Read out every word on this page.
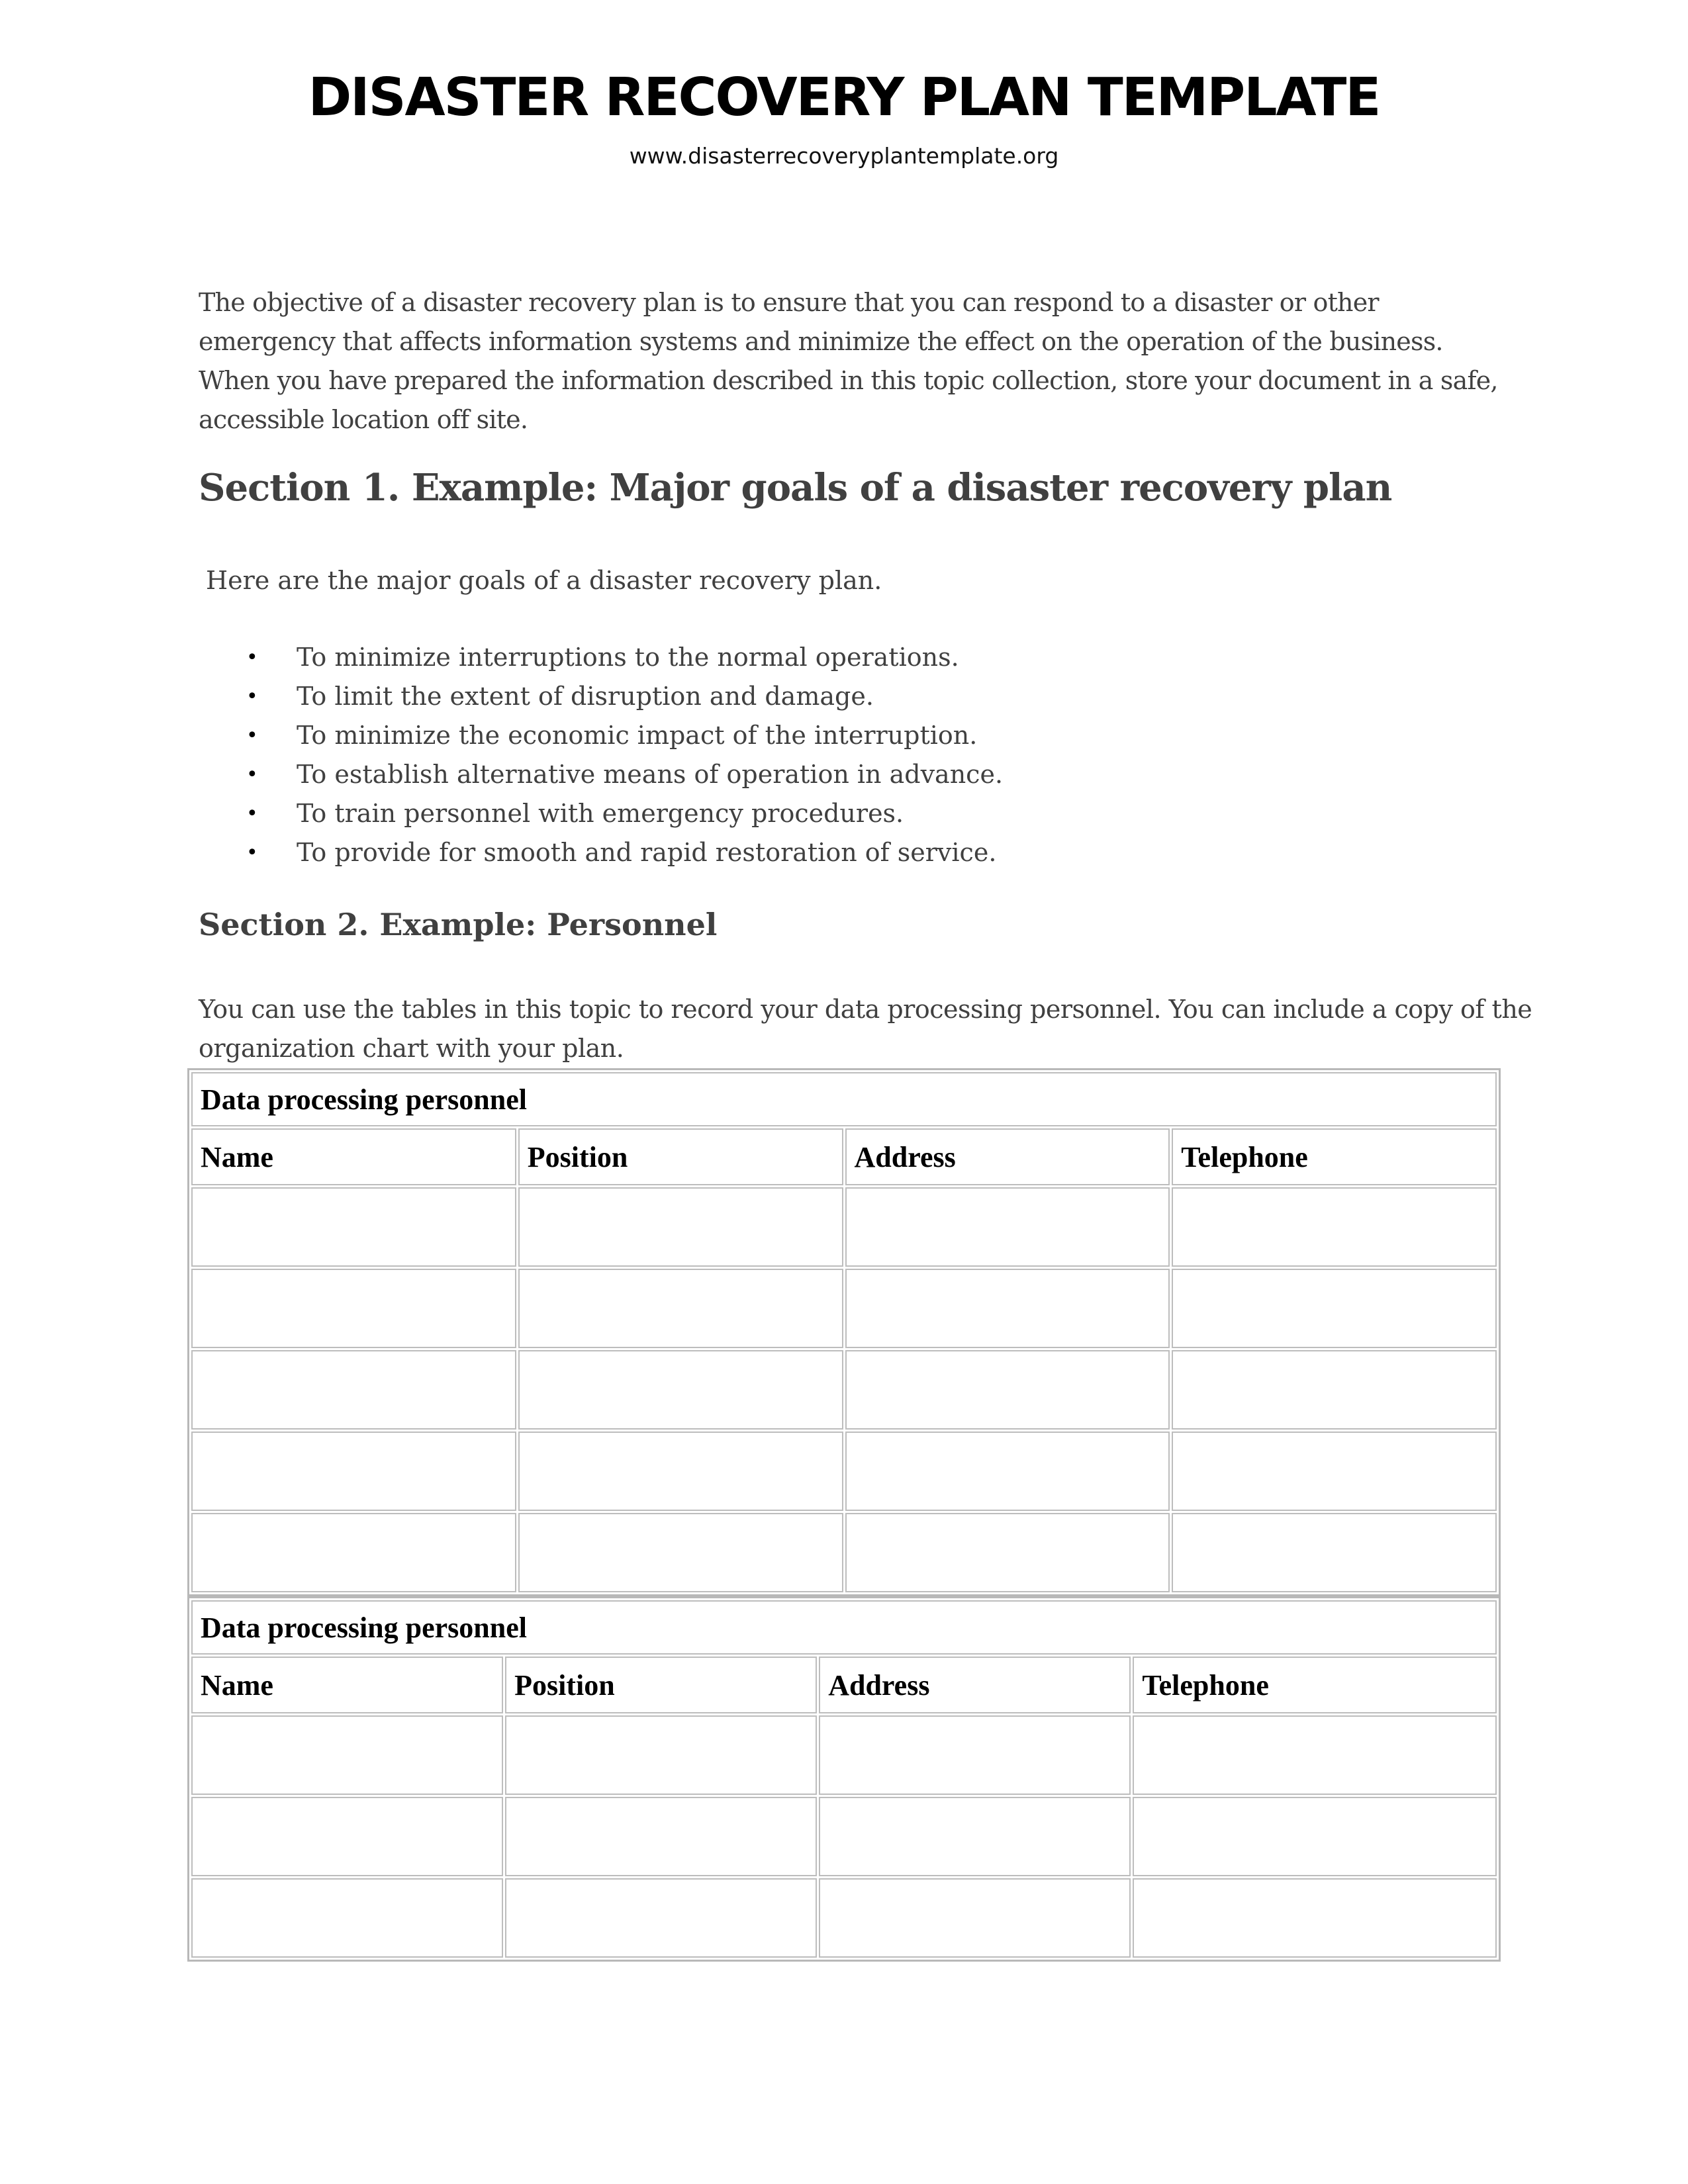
DISASTER RECOVERY PLAN TEMPLATE
www.disasterrecoveryplantemplate.org
The objective of a disaster recovery plan is to ensure that you can respond to a disaster or other
emergency that affects information systems and minimize the effect on the operation of the business.
When you have prepared the information described in this topic collection, store your document in a safe,
accessible location off site.
Section 1. Example: Major goals of a disaster recovery plan
Here are the major goals of a disaster recovery plan.
• To minimize interruptions to the normal operations.
• To limit the extent of disruption and damage.
• To minimize the economic impact of the interruption.
• To establish alternative means of operation in advance.
• To train personnel with emergency procedures.
• To provide for smooth and rapid restoration of service.
Section 2. Example: Personnel
You can use the tables in this topic to record your data processing personnel. You can include a copy of the
organization chart with your plan.
Data processing personnel			
Name	Position	Address	Telephone

Data processing personnel			
Name	Position	Address	Telephone
